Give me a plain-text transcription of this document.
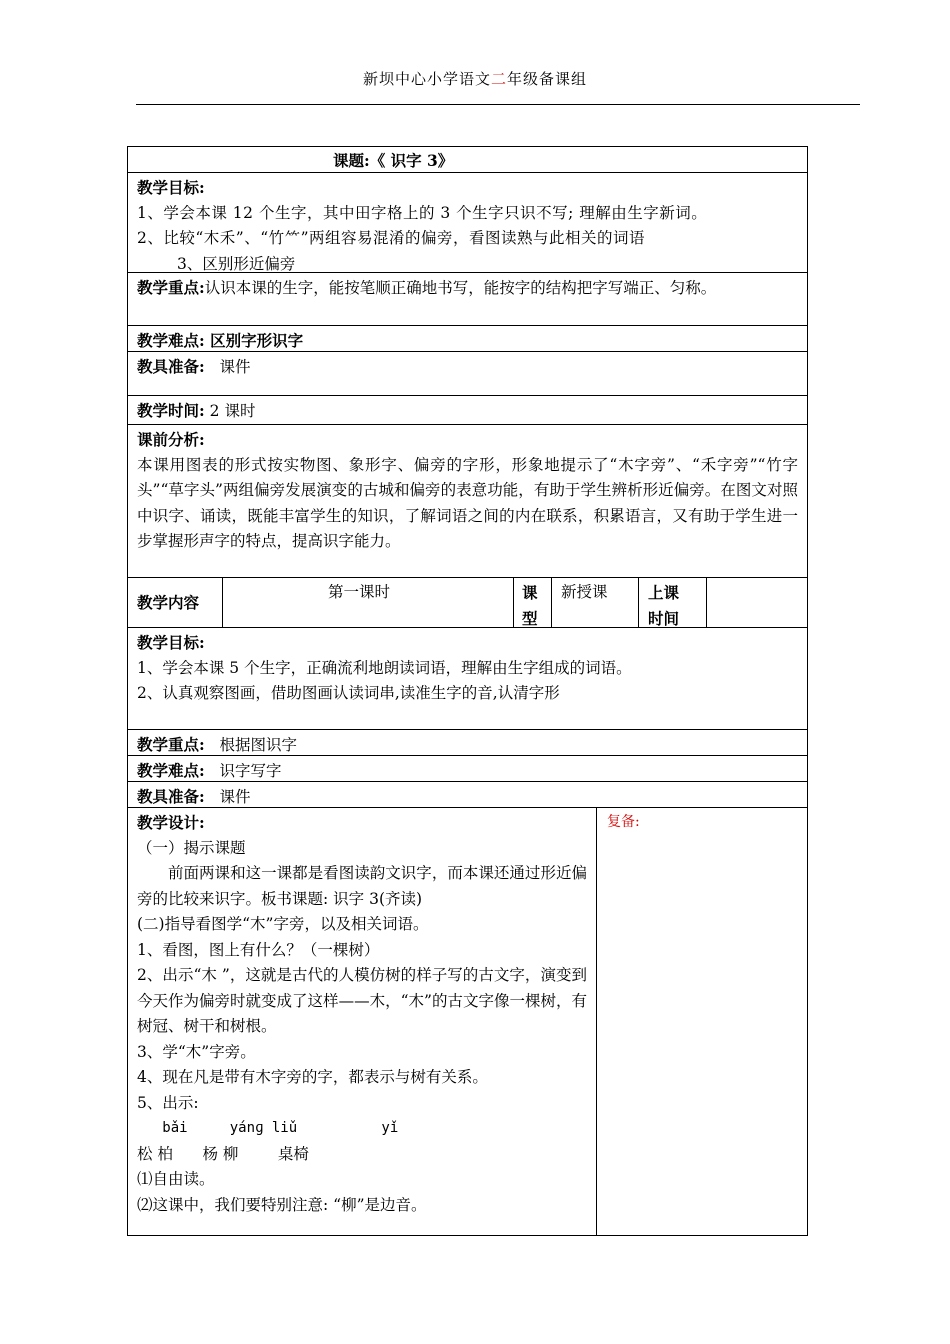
新坝中心小学语文二年级备课组
课题:《 识字 3》
教学目标:
1、学会本课 12 个生字，其中田字格上的 3 个生字只识不写; 理解由生字新词。
2、比较“木禾”、“竹⺮”两组容易混淆的偏旁，看图读熟与此相关的词语
3、区别形近偏旁
教学重点:认识本课的生字，能按笔顺正确地书写，能按字的结构把字写端正、匀称。
教学难点: 区别字形识字
教具准备: 课件
教学时间: 2 课时
课前分析:
本课用图表的形式按实物图、象形字、偏旁的字形，形象地提示了“木字旁”、“禾字旁”“竹字头”“草字头”两组偏旁发展演变的古城和偏旁的表意功能，有助于学生辨析形近偏旁。在图文对照中识字、诵读，既能丰富学生的知识，了解词语之间的内在联系，积累语言，又有助于学生进一步掌握形声字的特点，提高识字能力。
教学内容
第一课时	课型
新授课	上课时间
教学目标:
1、学会本课 5 个生字，正确流利地朗读词语，理解由生字组成的词语。
2、认真观察图画，借助图画认读词串,读准生字的音,认清字形
教学重点: 根据图识字
教学难点: 识字写字
教具准备: 课件
教学设计:
（一）揭示课题
前面两课和这一课都是看图读韵文识字，而本课还通过形近偏旁的比较来识字。板书课题: 识字 3(齐读)
(二)指导看图学“木”字旁，以及相关词语。
1、看图，图上有什么？（一棵树）
2、出示“木 ”，这就是古代的人模仿树的样子写的古文字，演变到今天作为偏旁时就变成了这样——木，“木”的古文字像一棵树，有树冠、树干和树根。
3、学“木”字旁。
4、现在凡是带有木字旁的字，都表示与树有关系。
5、出示:
bǎi     yánɡ liǔ          yǐ
松 柏      杨 柳        桌椅
⑴自由读。
⑵这课中，我们要特别注意: “柳”是边音。
复备:
